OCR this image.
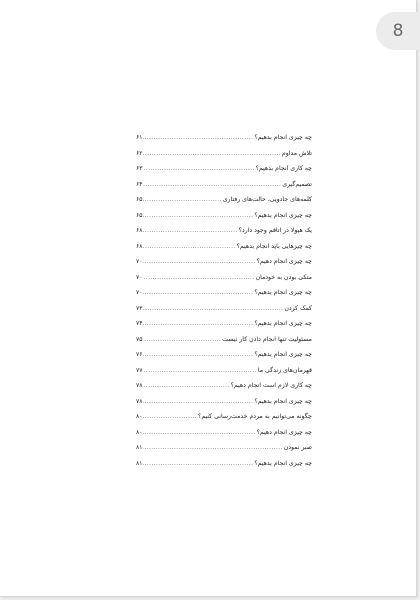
چه چیزی انجام بدهیم؟
.....
۶۱
تلاش مداوم
.....
۶۲
چه کاری انجام بدهیم؟
.....
۶۳
تصمیم‌گیری
.....
۶۴
کلمه‌های جادویی، حالت‌های رفتاری
.....
۶۵
چه چیزی انجام بدهیم؟
.....
۶۵
یک هیولا در اتاقم وجود دارد؟
.....
۶۸
چه چیزهایی باید انجام بدهیم؟
.....
۶۸
چه چیزی انجام دهیم؟
.....
۷۰
متکی بودن به خودمان
.....
۷۰
چه چیزی انجام بدهیم؟
.....
۷۰
کمک کردن
.....
۷۳
چه چیزی انجام بدهیم؟
.....
۷۴
مسئولیت تنها انجام دادن کار نیست
.....
۷۵
چه چیزی انجام بدهیم؟
.....
۷۶
قهرمان‌های زندگی ما
.....
۷۷
چه کاری لازم است انجام دهیم؟
.....
۷۸
چه چیزی انجام بدهیم؟
.....
۷۸
چگونه می‌توانیم به مردم خدمت‌رسانی کنیم؟
.....
۸۰
چه چیزی انجام دهیم؟
.....
۸۰
صبر نمودن
.....
۸۱
چه چیزی انجام بدهیم؟
.....
۸۱
8
